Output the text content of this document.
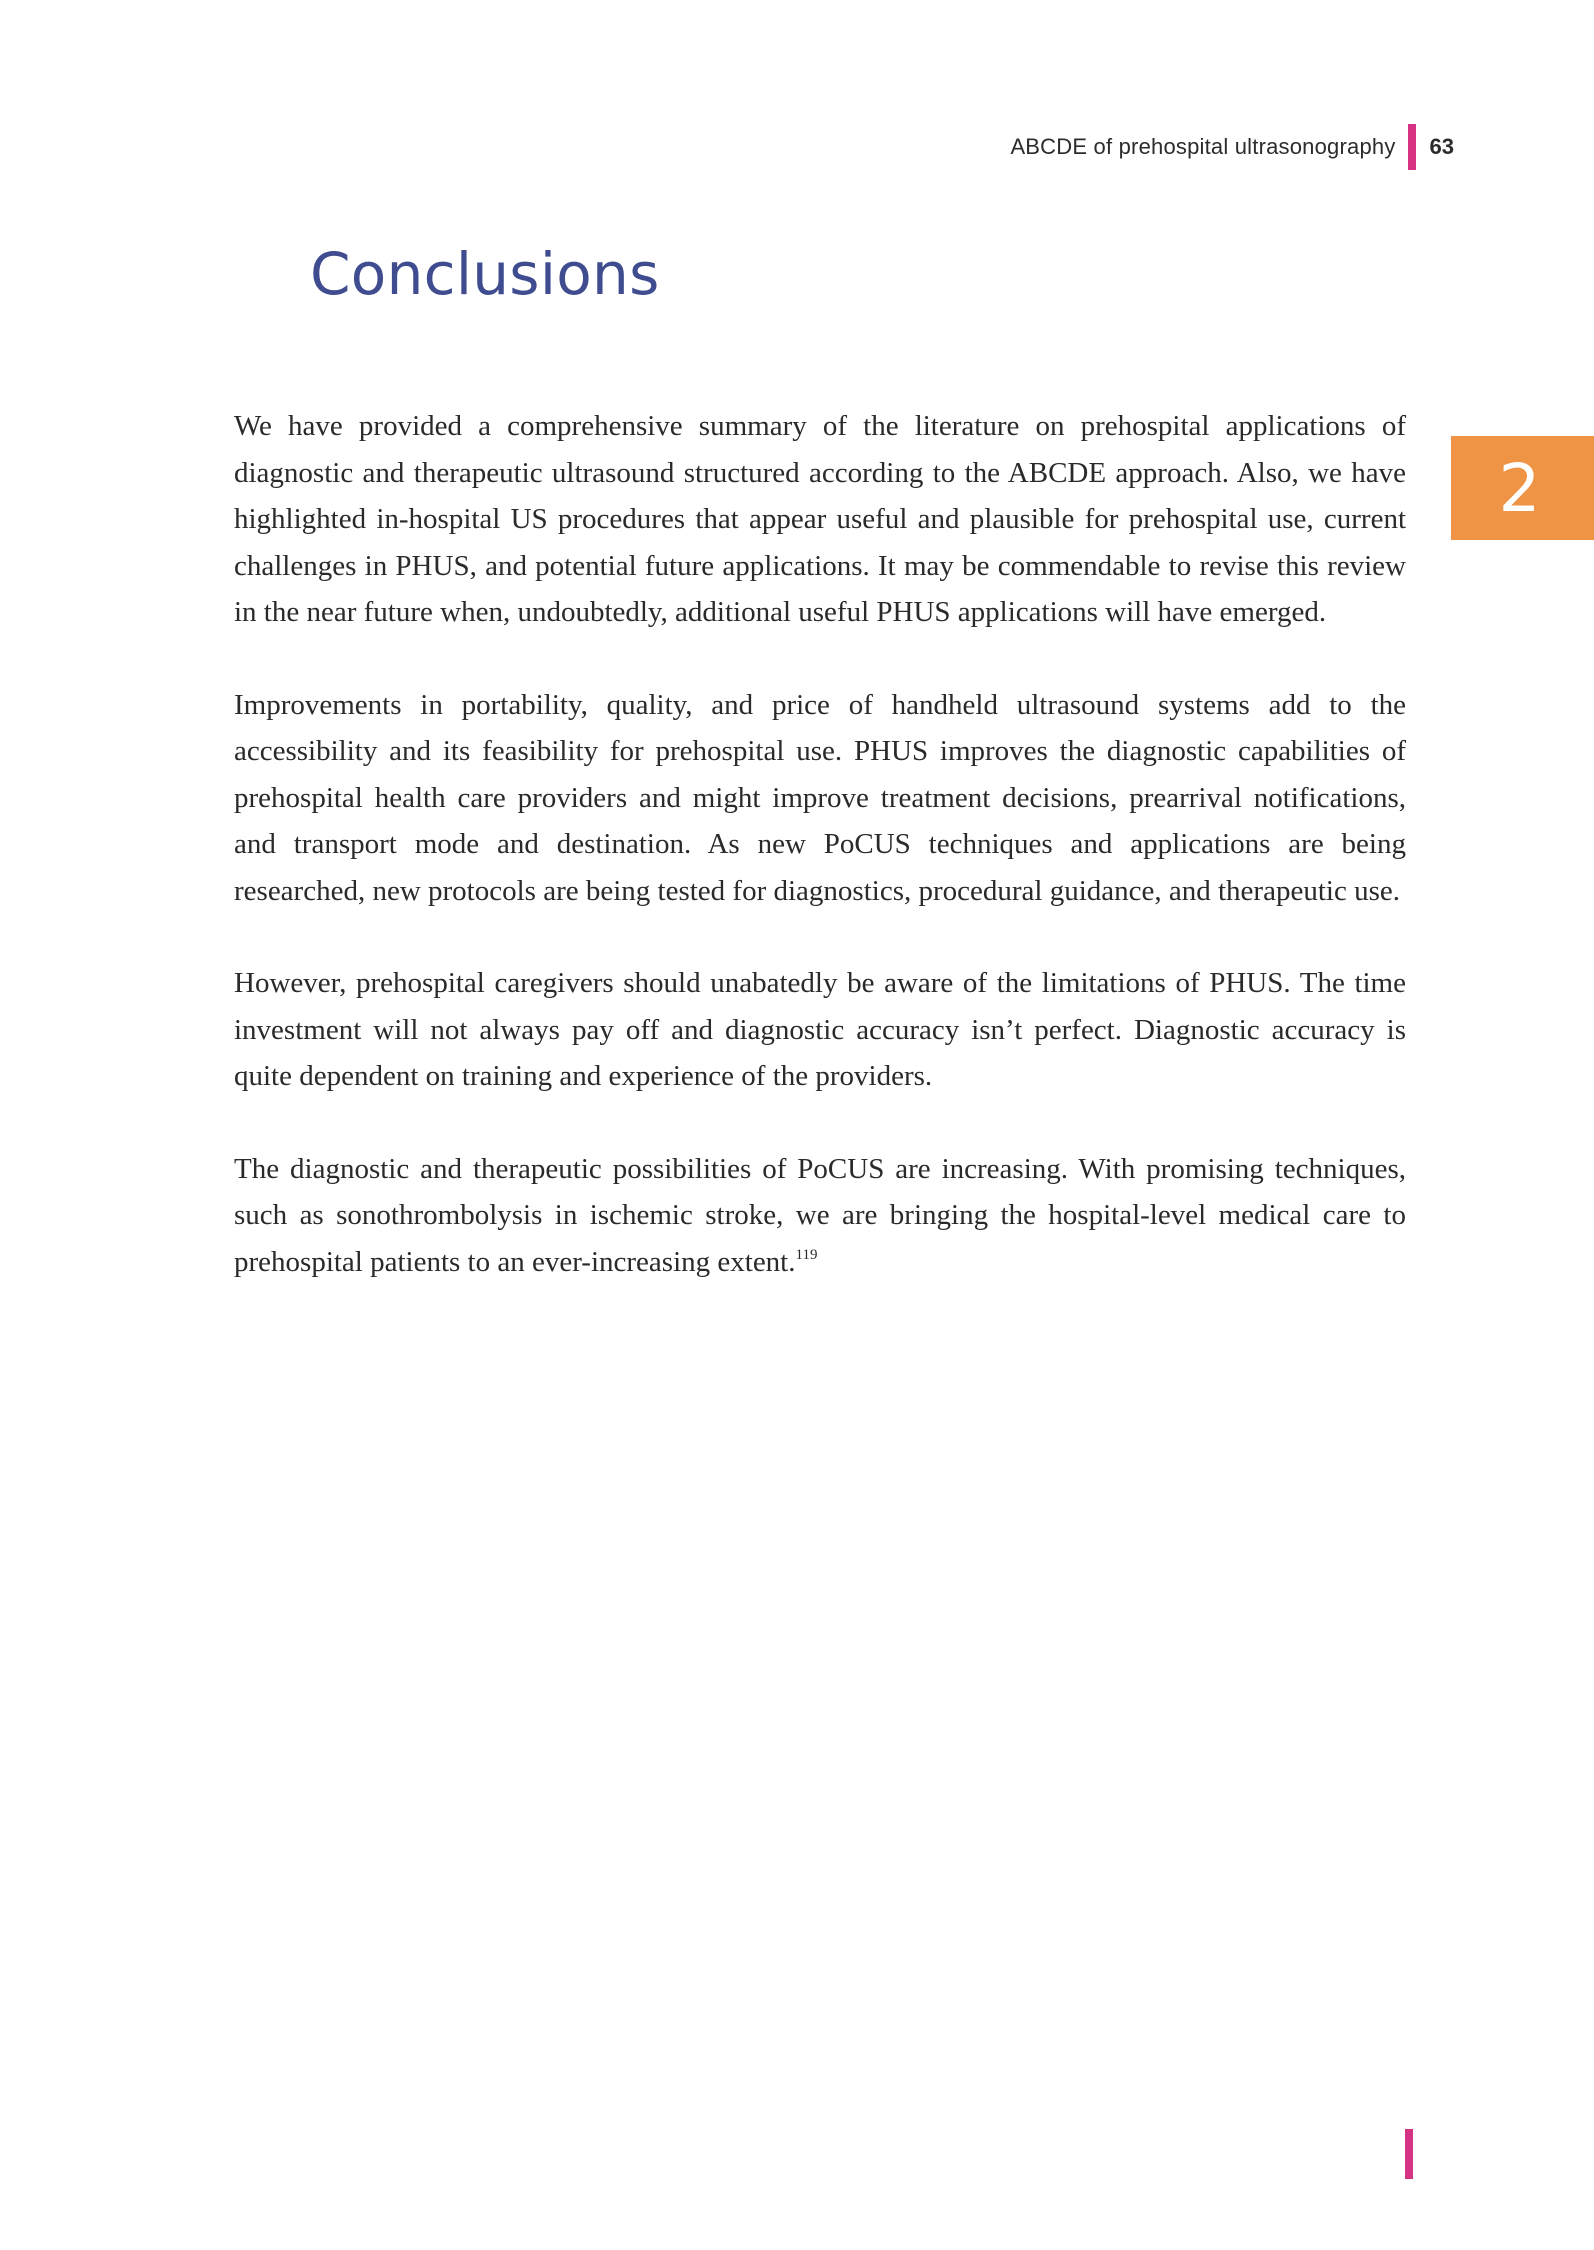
ABCDE of prehospital ultrasonography 63
Conclusions
2

We have provided a comprehensive summary of the literature on prehospital applications of diagnostic and therapeutic ultrasound structured according to the ABCDE approach. Also, we have highlighted in-hospital US procedures that appear useful and plausible for prehospital use, current challenges in PHUS, and potential future applications. It may be commendable to revise this review in the near future when, undoubtedly, additional useful PHUS applications will have emerged.

Improvements in portability, quality, and price of handheld ultrasound systems add to the accessibility and its feasibility for prehospital use. PHUS improves the diagnostic capabilities of prehospital health care providers and might improve treatment decisions, prearrival notifications, and transport mode and destination. As new PoCUS techniques and applications are being researched, new protocols are being tested for diagnostics, procedural guidance, and therapeutic use.

However, prehospital caregivers should unabatedly be aware of the limitations of PHUS. The time investment will not always pay off and diagnostic accuracy isn’t perfect. Diagnostic accuracy is quite dependent on training and experience of the providers.

The diagnostic and therapeutic possibilities of PoCUS are increasing. With promising techniques, such as sonothrombolysis in ischemic stroke, we are bringing the hospital-level medical care to prehospital patients to an ever-increasing extent.$^{119}$
